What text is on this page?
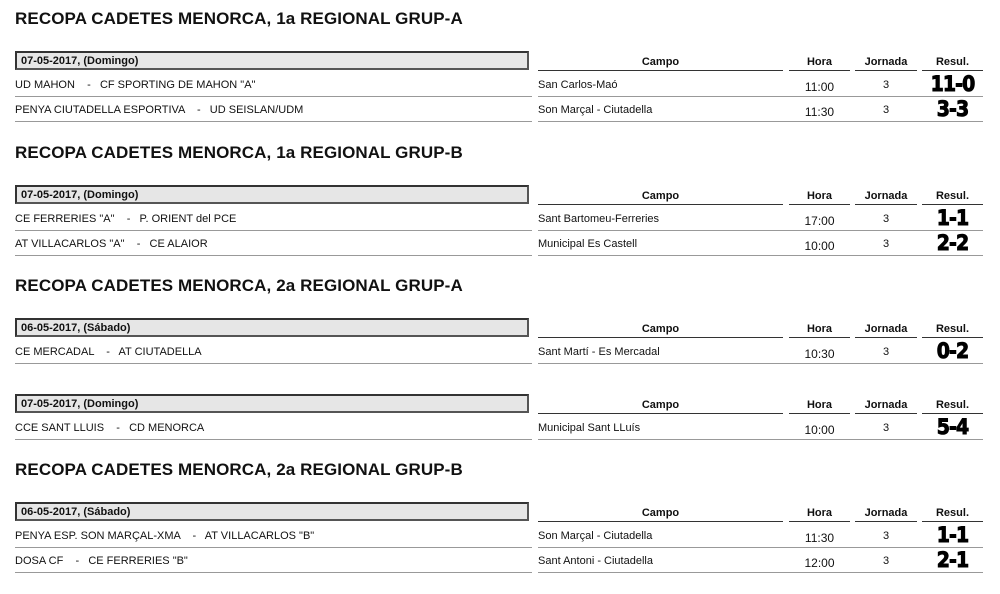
RECOPA CADETES MENORCA, 1a REGIONAL GRUP-A
07-05-2017, (Domingo)	Campo	Hora	Jornada	Resul.
UD MAHON    -   CF SPORTING DE MAHON "A"	San Carlos-Maó	11:00	3	11-0
PENYA CIUTADELLA ESPORTIVA    -   UD SEISLAN/UDM	Son Marçal - Ciutadella	11:30	3	3-3
RECOPA CADETES MENORCA, 1a REGIONAL GRUP-B
07-05-2017, (Domingo)	Campo	Hora	Jornada	Resul.
CE FERRERIES "A"    -   P. ORIENT del PCE	Sant Bartomeu-Ferreries	17:00	3	1-1
AT VILLACARLOS "A"    -   CE ALAIOR	Municipal Es Castell	10:00	3	2-2
RECOPA CADETES MENORCA, 2a REGIONAL GRUP-A
06-05-2017, (Sábado)	Campo	Hora	Jornada	Resul.
CE MERCADAL    -   AT CIUTADELLA	Sant Martí - Es Mercadal	10:30	3	0-2
07-05-2017, (Domingo)	Campo	Hora	Jornada	Resul.
CCE SANT LLUIS    -   CD MENORCA	Municipal Sant LLuís	10:00	3	5-4
RECOPA CADETES MENORCA, 2a REGIONAL GRUP-B
06-05-2017, (Sábado)	Campo	Hora	Jornada	Resul.
PENYA ESP. SON MARÇAL-XMA    -   AT VILLACARLOS "B"	Son Marçal - Ciutadella	11:30	3	1-1
DOSA CF    -   CE FERRERIES "B"	Sant Antoni - Ciutadella	12:00	3	2-1
